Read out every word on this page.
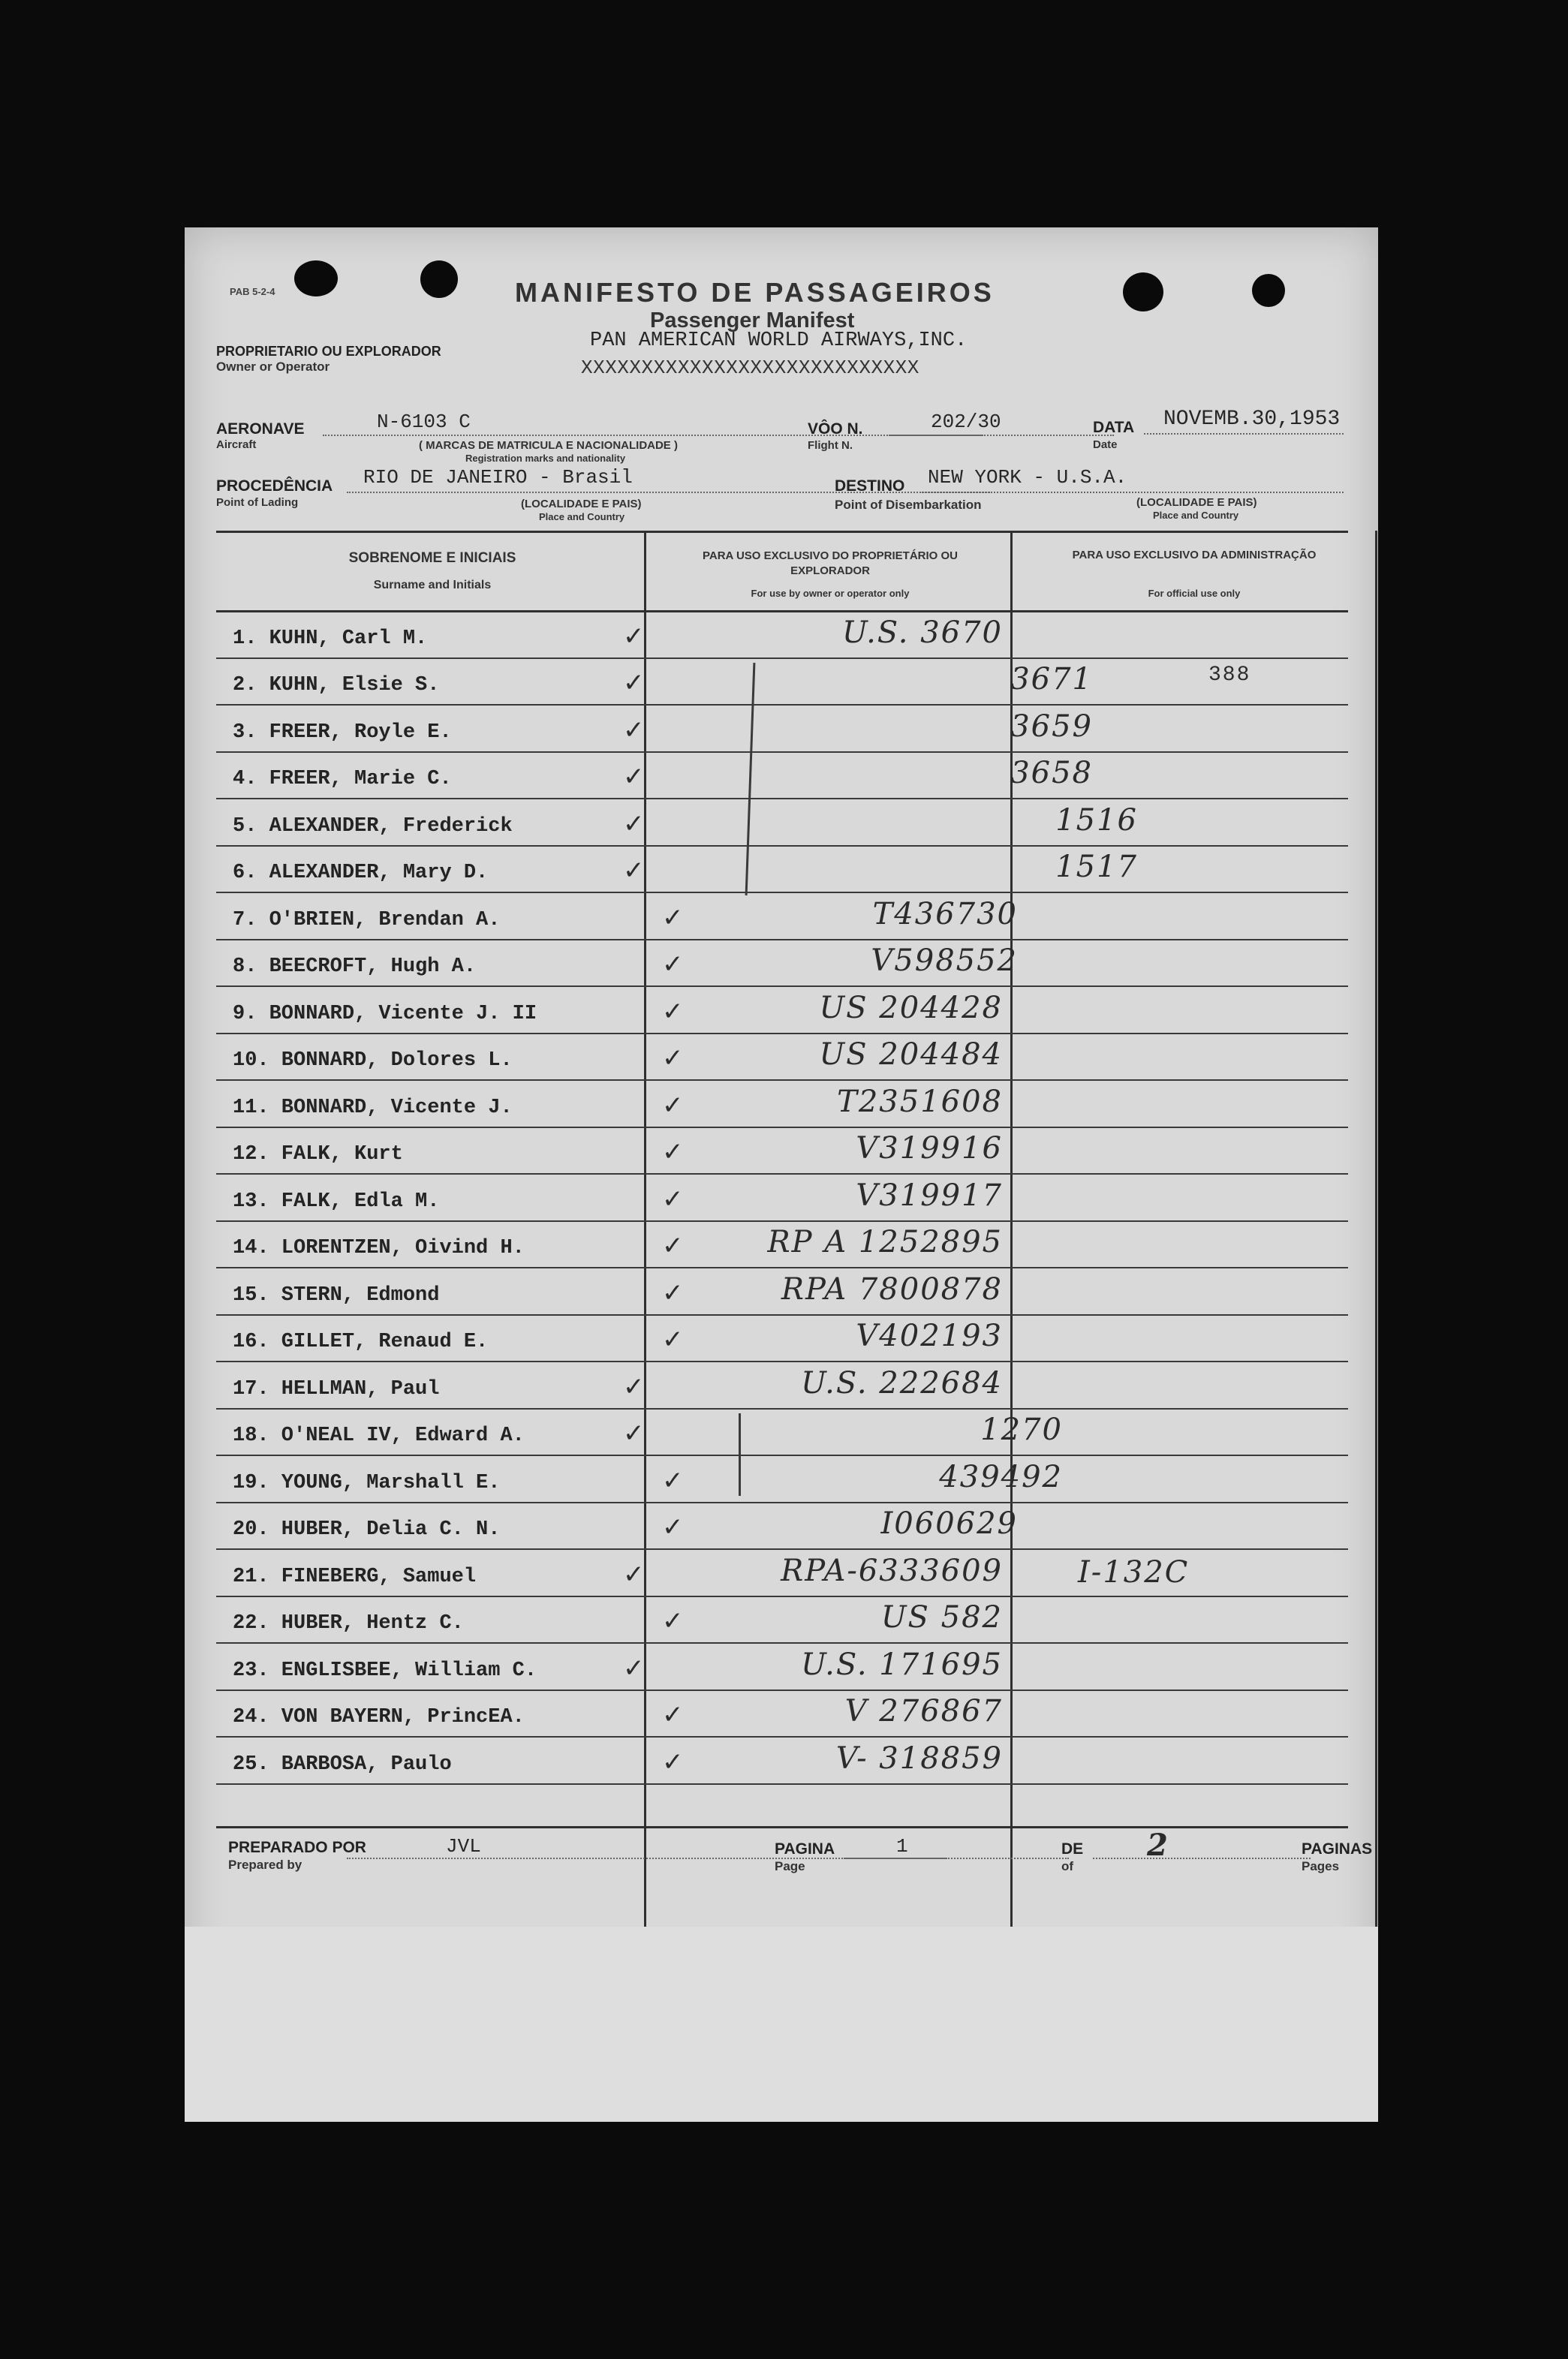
PAB 5-2-4	MANIFESTO DE PASSAGEIROS
Passenger Manifest
PROPRIETARIO OU EXPLORADOR
Owner or Operator
PAN AMERICAN WORLD AIRWAYS,INC.
XXXXXXXXXXXXXXXXXXXXXXXXXXXX
AERONAVE
Aircraft
N-6103 C
( MARCAS DE MATRICULA E NACIONALIDADE )
Registration marks and nationality
VÔO N.
Flight N.
202/30	DATA
Date
NOVEMB.30,1953
PROCEDÊNCIA
Point of Lading
RIO DE JANEIRO - Brasil
(LOCALIDADE E PAIS)
Place and Country
DESTINO
Point of Disembarkation
NEW YORK - U.S.A.
(LOCALIDADE E PAIS)
Place and Country
SOBRENOME E INICIAIS
Surname and Initials
PARA USO EXCLUSIVO DO PROPRIETÁRIO OU EXPLORADOR
For use by owner or operator only
PARA USO EXCLUSIVO DA ADMINISTRAÇÃO
For official use only
1. KUHN, Carl M.	✓	U.S. 3670
2. KUHN, Elsie S.	✓	3671	388
3. FREER, Royle E.	✓	3659
4. FREER, Marie C.	✓	3658
5. ALEXANDER, Frederick	✓	1516
6. ALEXANDER, Mary D.	✓	1517
7. O'BRIEN, Brendan A.	✓	T436730
8. BEECROFT, Hugh A.	✓	V598552
9. BONNARD, Vicente J. II	✓	US 204428
10. BONNARD, Dolores L.	✓	US 204484
11. BONNARD, Vicente J.	✓	T2351608
12. FALK, Kurt	✓	V319916
13. FALK, Edla M.	✓	V319917
14. LORENTZEN, Oivind H.	✓	RP A 1252895
15. STERN, Edmond	✓	RPA 7800878
16. GILLET, Renaud E.	✓	V402193
17. HELLMAN, Paul	✓	U.S. 222684
18. O'NEAL IV, Edward A.	✓	1270
19. YOUNG, Marshall E.	✓	439492
20. HUBER, Delia C. N.	✓	I060629
21. FINEBERG, Samuel	✓	RPA-6333609	I-132C
22. HUBER, Hentz C.	✓	US 582
23. ENGLISBEE, William C.	✓	U.S. 171695
24. VON BAYERN, PrincEA.	✓	V 276867
25. BARBOSA, Paulo	✓	V- 318859
PREPARADO POR
Prepared by
JVL	PAGINA
Page
1	DE
of
2	PAGINAS
Pages
